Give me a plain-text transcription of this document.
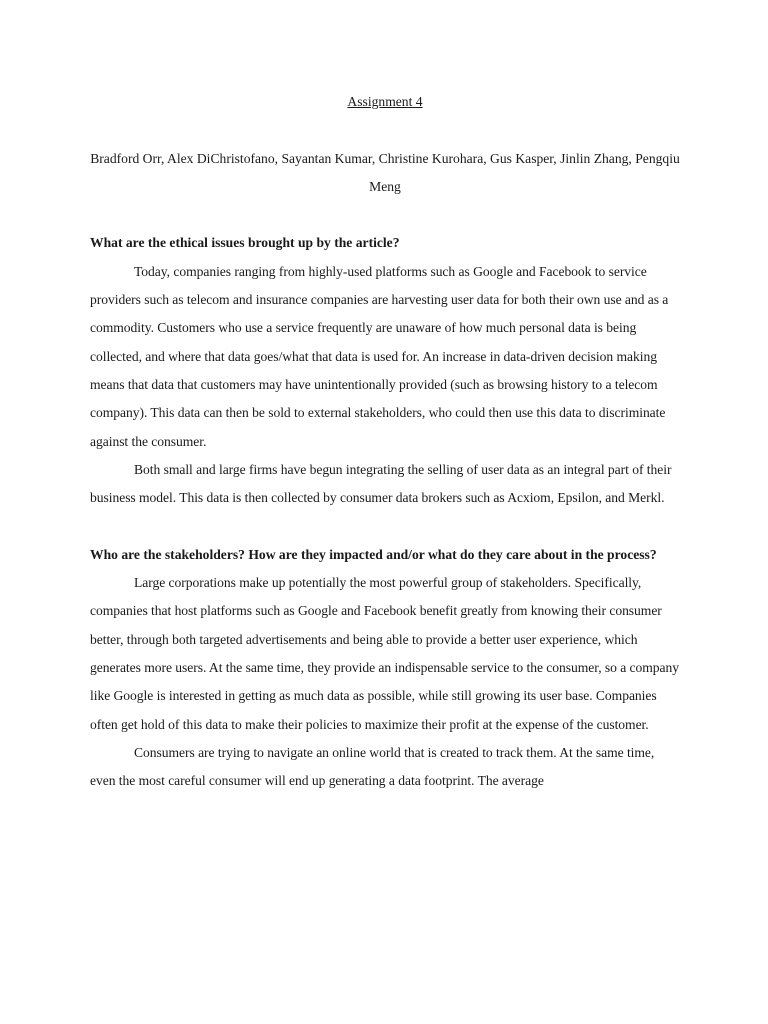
Assignment 4
Bradford Orr, Alex DiChristofano, Sayantan Kumar, Christine Kurohara, Gus Kasper, Jinlin Zhang, Pengqiu Meng
What are the ethical issues brought up by the article?

Today, companies ranging from highly-used platforms such as Google and Facebook to service providers such as telecom and insurance companies are harvesting user data for both their own use and as a commodity. Customers who use a service frequently are unaware of how much personal data is being collected, and where that data goes/what that data is used for. An increase in data-driven decision making means that data that customers may have unintentionally provided (such as browsing history to a telecom company). This data can then be sold to external stakeholders, who could then use this data to discriminate against the consumer.

Both small and large firms have begun integrating the selling of user data as an integral part of their business model. This data is then collected by consumer data brokers such as Acxiom, Epsilon, and Merkl.

Who are the stakeholders? How are they impacted and/or what do they care about in the process?

Large corporations make up potentially the most powerful group of stakeholders. Specifically, companies that host platforms such as Google and Facebook benefit greatly from knowing their consumer better, through both targeted advertisements and being able to provide a better user experience, which generates more users. At the same time, they provide an indispensable service to the consumer, so a company like Google is interested in getting as much data as possible, while still growing its user base. Companies often get hold of this data to make their policies to maximize their profit at the expense of the customer.

Consumers are trying to navigate an online world that is created to track them. At the same time, even the most careful consumer will end up generating a data footprint. The average
